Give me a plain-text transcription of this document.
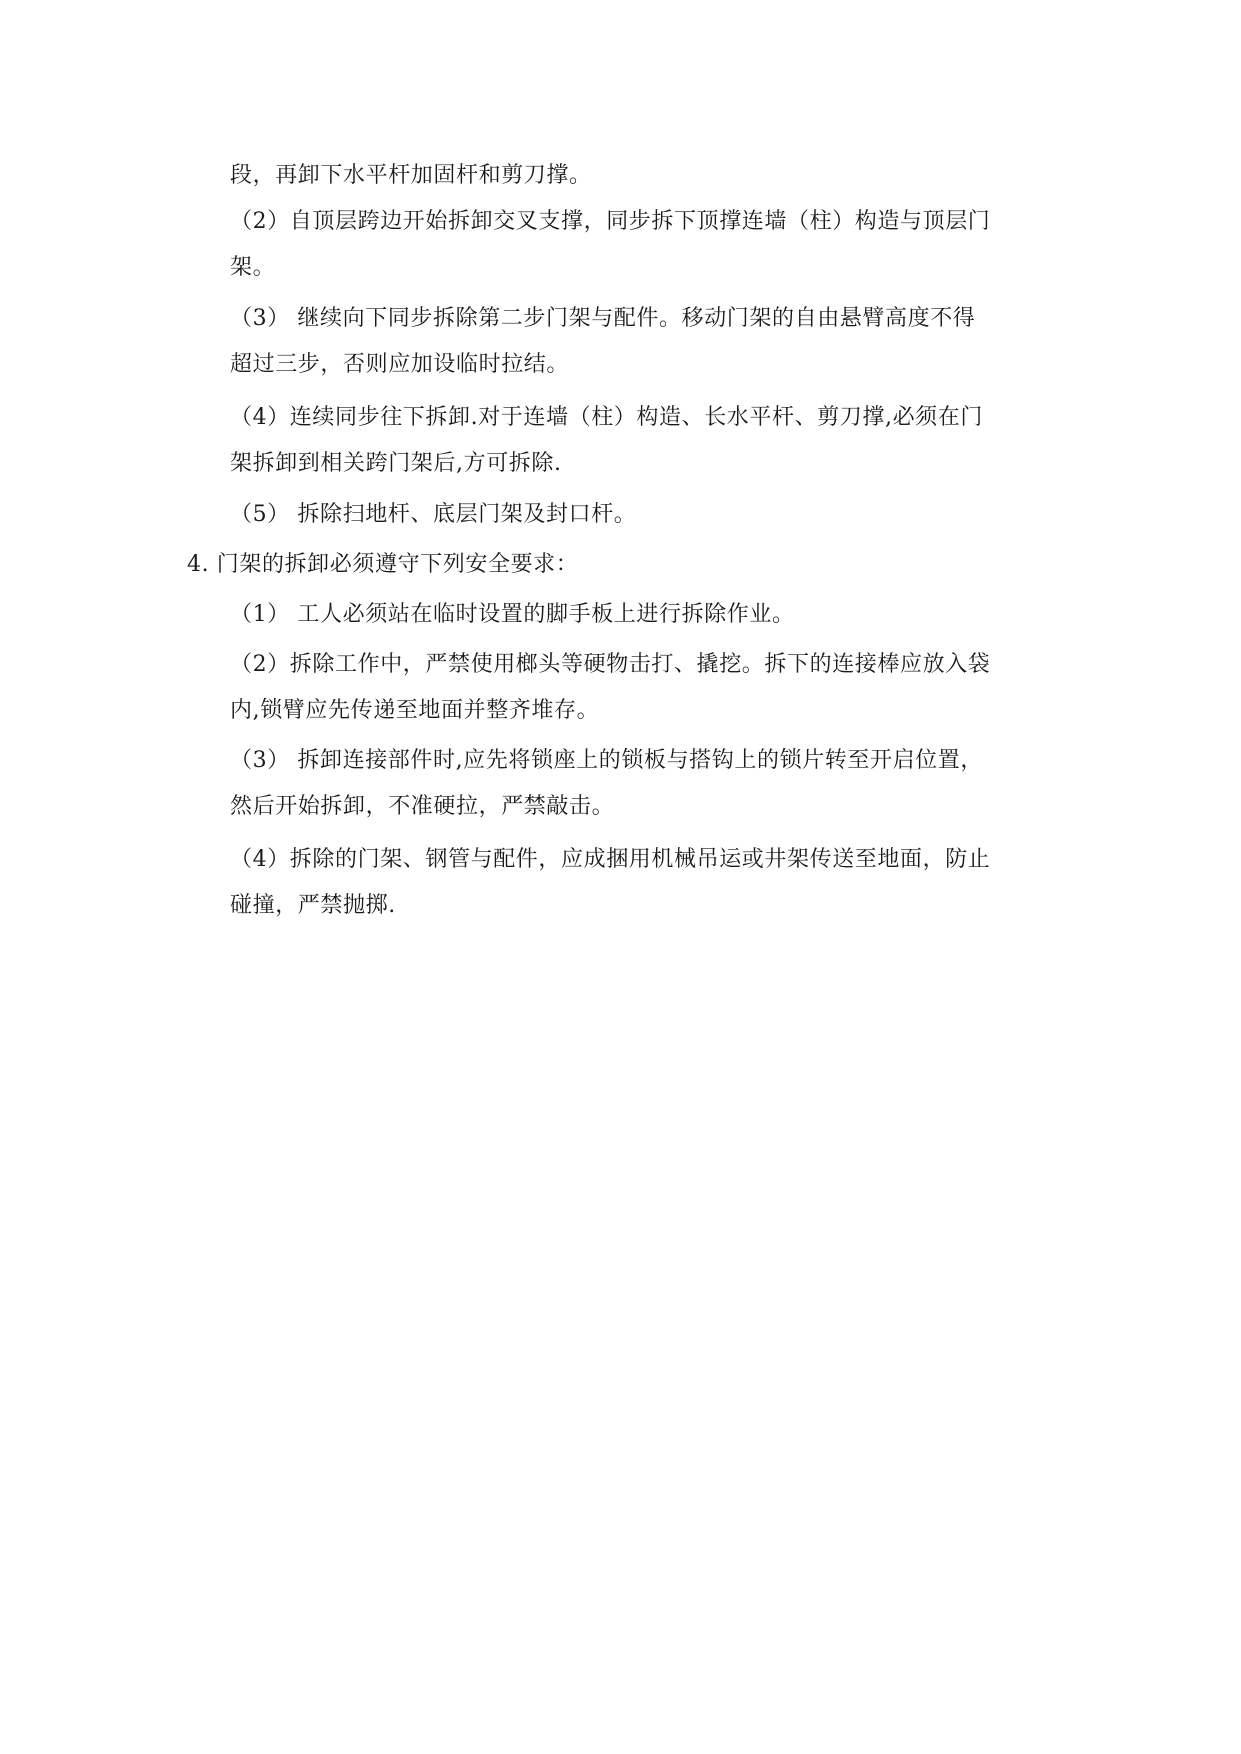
段，再卸下水平杆加固杆和剪刀撑。
（2）自顶层跨边开始拆卸交叉支撑，同步拆下顶撑连墙（柱）构造与顶层门
架。
（3） 继续向下同步拆除第二步门架与配件。移动门架的自由悬臂高度不得
超过三步，否则应加设临时拉结。
（4）连续同步往下拆卸.对于连墙（柱）构造、长水平杆、剪刀撑,必须在门
架拆卸到相关跨门架后,方可拆除.
（5） 拆除扫地杆、底层门架及封口杆。
4. 门架的拆卸必须遵守下列安全要求：
（1） 工人必须站在临时设置的脚手板上进行拆除作业。
（2）拆除工作中，严禁使用榔头等硬物击打、撬挖。拆下的连接棒应放入袋
内,锁臂应先传递至地面并整齐堆存。
（3） 拆卸连接部件时,应先将锁座上的锁板与搭钩上的锁片转至开启位置，
然后开始拆卸，不准硬拉，严禁敲击。
（4）拆除的门架、钢管与配件，应成捆用机械吊运或井架传送至地面，防止
碰撞，严禁抛掷.
